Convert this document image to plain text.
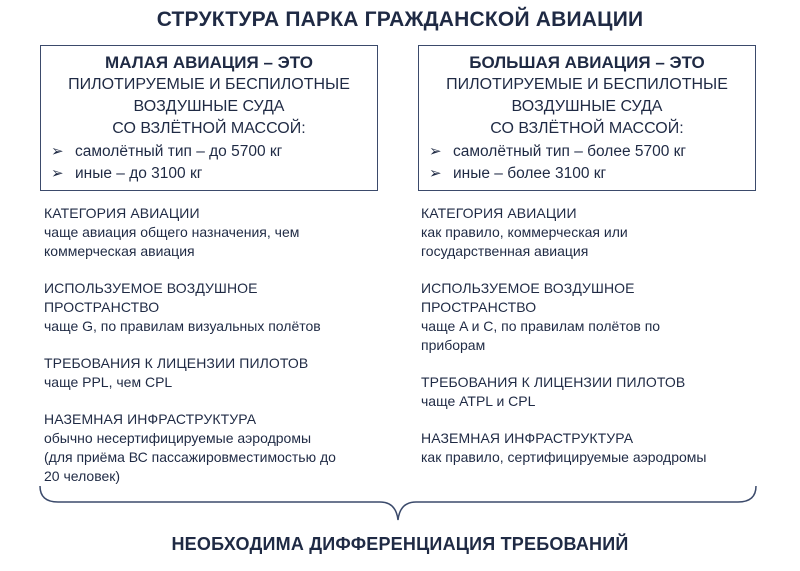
СТРУКТУРА ПАРКА ГРАЖДАНСКОЙ АВИАЦИИ
МАЛАЯ АВИАЦИЯ – ЭТО
ПИЛОТИРУЕМЫЕ И БЕСПИЛОТНЫЕ
ВОЗДУШНЫЕ СУДА
СО ВЗЛЁТНОЙ МАССОЙ:
➢ самолётный тип – до 5700 кг
➢ иные – до 3100 кг
БОЛЬШАЯ АВИАЦИЯ – ЭТО
ПИЛОТИРУЕМЫЕ И БЕСПИЛОТНЫЕ
ВОЗДУШНЫЕ СУДА
СО ВЗЛЁТНОЙ МАССОЙ:
➢ самолётный тип – более 5700 кг
➢ иные – более 3100 кг
КАТЕГОРИЯ АВИАЦИИ
чаще авиация общего назначения, чем
коммерческая авиация
ИСПОЛЬЗУЕМОЕ ВОЗДУШНОЕ
ПРОСТРАНСТВО
чаще G, по правилам визуальных полётов
ТРЕБОВАНИЯ К ЛИЦЕНЗИИ ПИЛОТОВ
чаще PPL, чем CPL
НАЗЕМНАЯ ИНФРАСТРУКТУРА
обычно несертифицируемые аэродромы
(для приёма ВС пассажировместимостью до
20 человек)
КАТЕГОРИЯ АВИАЦИИ
как правило, коммерческая или
государственная авиация
ИСПОЛЬЗУЕМОЕ ВОЗДУШНОЕ
ПРОСТРАНСТВО
чаще A и C, по правилам полётов по
приборам
ТРЕБОВАНИЯ К ЛИЦЕНЗИИ ПИЛОТОВ
чаще ATPL и CPL
НАЗЕМНАЯ ИНФРАСТРУКТУРА
как правило, сертифицируемые аэродромы
НЕОБХОДИМА ДИФФЕРЕНЦИАЦИЯ ТРЕБОВАНИЙ
